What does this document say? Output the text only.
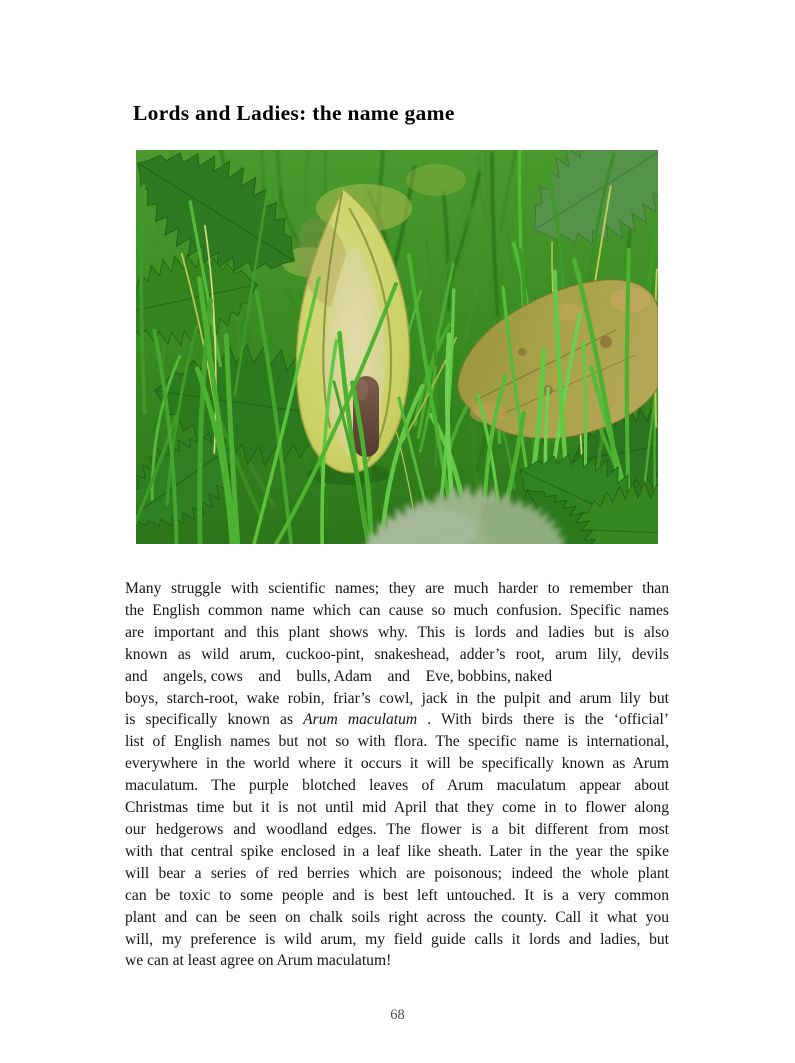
Lords and Ladies: the name game
Many struggle with scientific names; they are much harder to remember than
the English common name which can cause so much confusion. Specific names
are important and this plant shows why. This is lords and ladies but is also
known as wild arum, cuckoo-pint, snakeshead, adder’s root, arum lily, devils
and    angels, cows    and    bulls, Adam    and    Eve, bobbins, naked
boys, starch-root, wake robin, friar’s cowl, jack in the pulpit and arum lily but
is specifically known as Arum maculatum . With birds there is the ‘official’
list of English names but not so with flora. The specific name is international,
everywhere in the world where it occurs it will be specifically known as Arum
maculatum. The purple blotched leaves of Arum maculatum appear about
Christmas time but it is not until mid April that they come in to flower along
our hedgerows and woodland edges. The flower is a bit different from most
with that central spike enclosed in a leaf like sheath. Later in the year the spike
will bear a series of red berries which are poisonous; indeed the whole plant
can be toxic to some people and is best left untouched. It is a very common
plant and can be seen on chalk soils right across the county. Call it what you
will, my preference is wild arum, my field guide calls it lords and ladies, but
we can at least agree on Arum maculatum!
68
